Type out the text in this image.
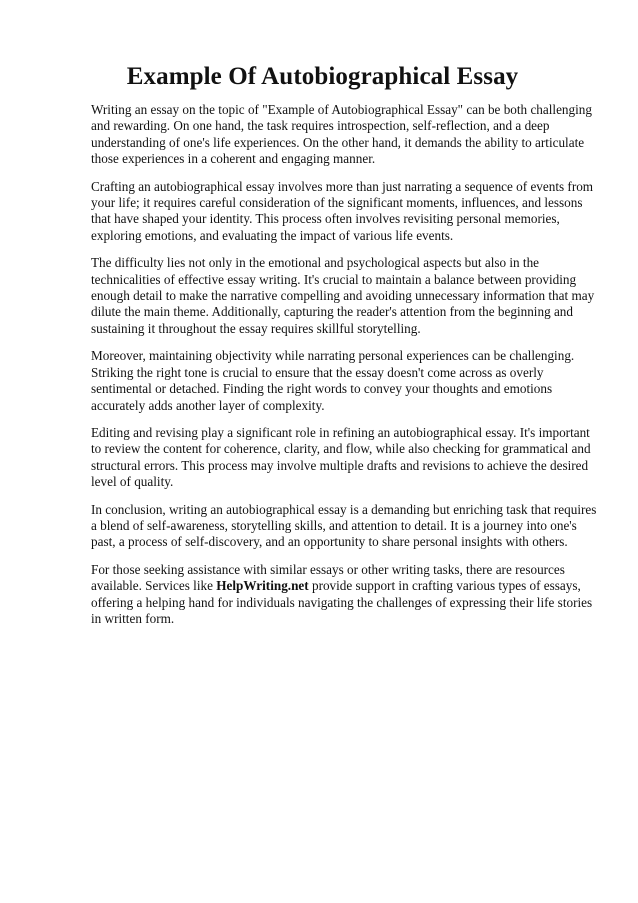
Example Of Autobiographical Essay

Writing an essay on the topic of "Example of Autobiographical Essay" can be both challenging and rewarding. On one hand, the task requires introspection, self-reflection, and a deep understanding of one's life experiences. On the other hand, it demands the ability to articulate those experiences in a coherent and engaging manner.

Crafting an autobiographical essay involves more than just narrating a sequence of events from your life; it requires careful consideration of the significant moments, influences, and lessons that have shaped your identity. This process often involves revisiting personal memories, exploring emotions, and evaluating the impact of various life events.

The difficulty lies not only in the emotional and psychological aspects but also in the technicalities of effective essay writing. It's crucial to maintain a balance between providing enough detail to make the narrative compelling and avoiding unnecessary information that may dilute the main theme. Additionally, capturing the reader's attention from the beginning and sustaining it throughout the essay requires skillful storytelling.

Moreover, maintaining objectivity while narrating personal experiences can be challenging. Striking the right tone is crucial to ensure that the essay doesn't come across as overly sentimental or detached. Finding the right words to convey your thoughts and emotions accurately adds another layer of complexity.

Editing and revising play a significant role in refining an autobiographical essay. It's important to review the content for coherence, clarity, and flow, while also checking for grammatical and structural errors. This process may involve multiple drafts and revisions to achieve the desired level of quality.

In conclusion, writing an autobiographical essay is a demanding but enriching task that requires a blend of self-awareness, storytelling skills, and attention to detail. It is a journey into one's past, a process of self-discovery, and an opportunity to share personal insights with others.

For those seeking assistance with similar essays or other writing tasks, there are resources available. Services like HelpWriting.net provide support in crafting various types of essays, offering a helping hand for individuals navigating the challenges of expressing their life stories in written form.
